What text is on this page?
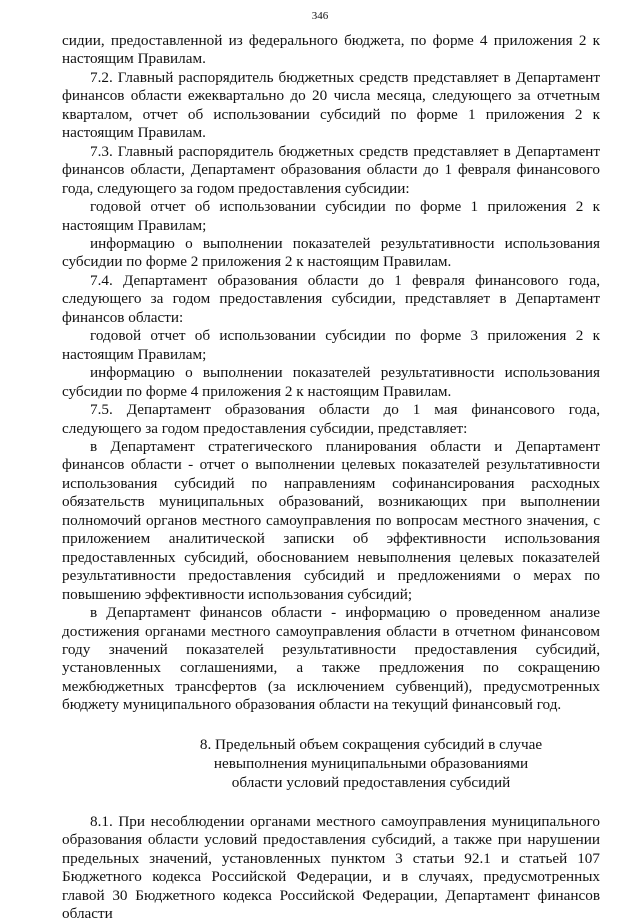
346

сидии, предоставленной из федерального бюджета, по форме 4 приложения 2 к настоящим Правилам.

7.2. Главный распорядитель бюджетных средств представляет в Департамент финансов области ежеквартально до 20 числа месяца, следующего за отчетным кварталом, отчет об использовании субсидий по форме 1 приложения 2 к настоящим Правилам.

7.3. Главный распорядитель бюджетных средств представляет в Департамент финансов области, Департамент образования области до 1 февраля финансового года, следующего за годом предоставления субсидии:

годовой отчет об использовании субсидии по форме 1 приложения 2 к настоящим Правилам;

информацию о выполнении показателей результативности использования субсидии по форме 2 приложения 2 к настоящим Правилам.

7.4. Департамент образования области до 1 февраля финансового года, следующего за годом предоставления субсидии, представляет в Департамент финансов области:

годовой отчет об использовании субсидии по форме 3 приложения 2 к настоящим Правилам;

информацию о выполнении показателей результативности использования субсидии по форме 4 приложения 2 к настоящим Правилам.

7.5. Департамент образования области до 1 мая финансового года, следующего за годом предоставления субсидии, представляет:

в Департамент стратегического планирования области и Департамент финансов области - отчет о выполнении целевых показателей результативности использования субсидий по направлениям софинансирования расходных обязательств муниципальных образований, возникающих при выполнении полномочий органов местного самоуправления по вопросам местного значения, с приложением аналитической записки об эффективности использования предоставленных субсидий, обоснованием невыполнения целевых показателей результативности предоставления субсидий и предложениями о мерах по повышению эффективности использования субсидий;

в Департамент финансов области - информацию о проведенном анализе достижения органами местного самоуправления области в отчетном финансовом году значений показателей результативности предоставления субсидий, установленных соглашениями, а также предложения по сокращению межбюджетных трансфертов (за исключением субвенций), предусмотренных бюджету муниципального образования области на текущий финансовый год.

8. Предельный объем сокращения субсидий в случае
невыполнения муниципальными образованиями
области условий предоставления субсидий

8.1. При несоблюдении органами местного самоуправления муниципального образования области условий предоставления субсидий, а также при нарушении предельных значений, установленных пунктом 3 статьи 92.1 и статьей 107 Бюджетного кодекса Российской Федерации, и в случаях, предусмотренных главой 30 Бюджетного кодекса Российской Федерации, Департамент финансов области
